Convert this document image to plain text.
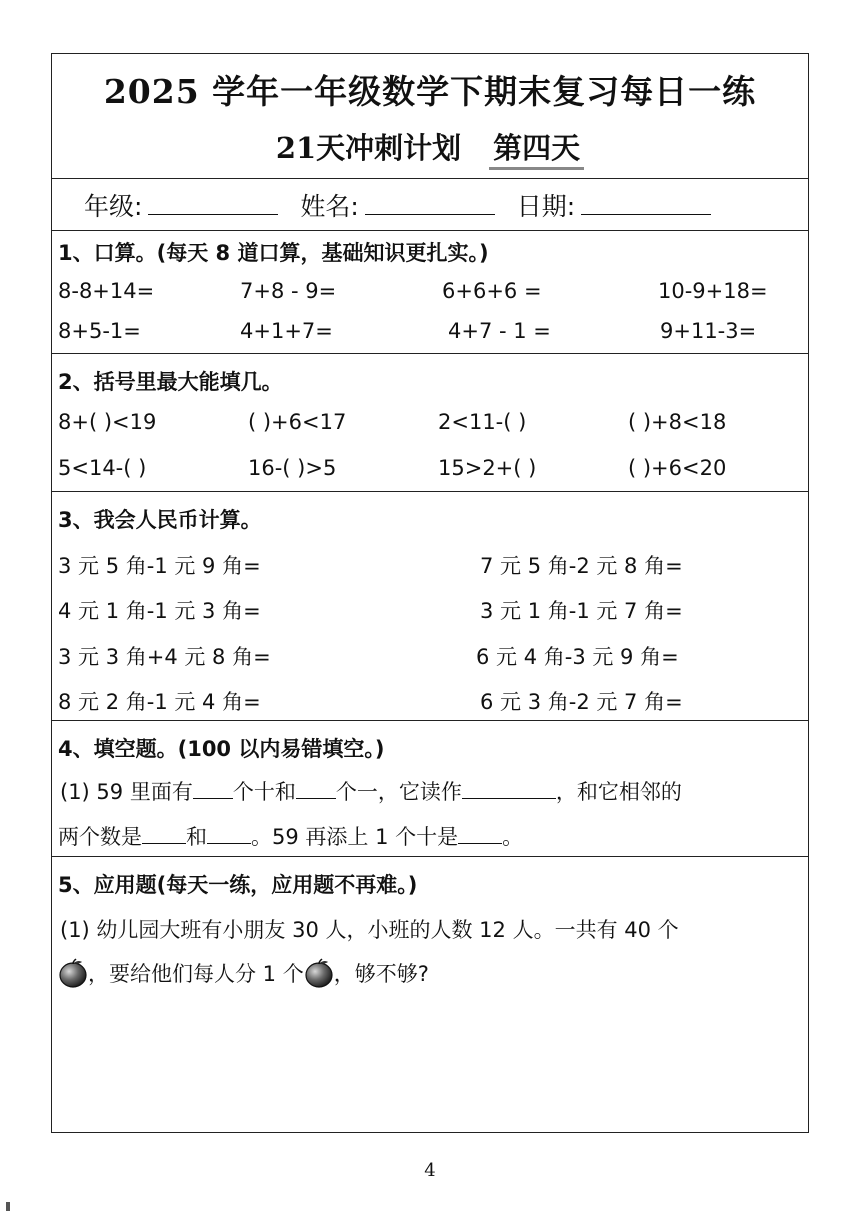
2025 学年一年级数学下期末复习每日一练
21天冲刺计划 第四天
年级:	姓名:	日期:
1、口算。(每天 8 道口算，基础知识更扎实。)
8-8+14=	7+8 - 9=	6+6+6 =	10-9+18=
8+5-1=	4+1+7=	4+7 - 1 =	9+11-3=
2、括号里最大能填几。
8+( )<19	( )+6<17	2<11-( )	( )+8<18
5<14-( )	16-( )>5	15>2+( )	( )+6<20
3、我会人民币计算。
3 元 5 角-1 元 9 角=	7 元 5 角-2 元 8 角=
4 元 1 角-1 元 3 角=	3 元 1 角-1 元 7 角=
3 元 3 角+4 元 8 角=	6 元 4 角-3 元 9 角=
8 元 2 角-1 元 4 角=	6 元 3 角-2 元 7 角=
4、填空题。(100 以内易错填空。)
(1) 59 里面有 个十和 个一，它读作	，和它相邻的
两个数是 和 。59 再添上 1 个十是 。
5、应用题(每天一练，应用题不再难。)
(1) 幼儿园大班有小朋友 30 人，小班的人数 12 人。一共有 40 个
，要给他们每人分 1 个 ，够不够?
4
